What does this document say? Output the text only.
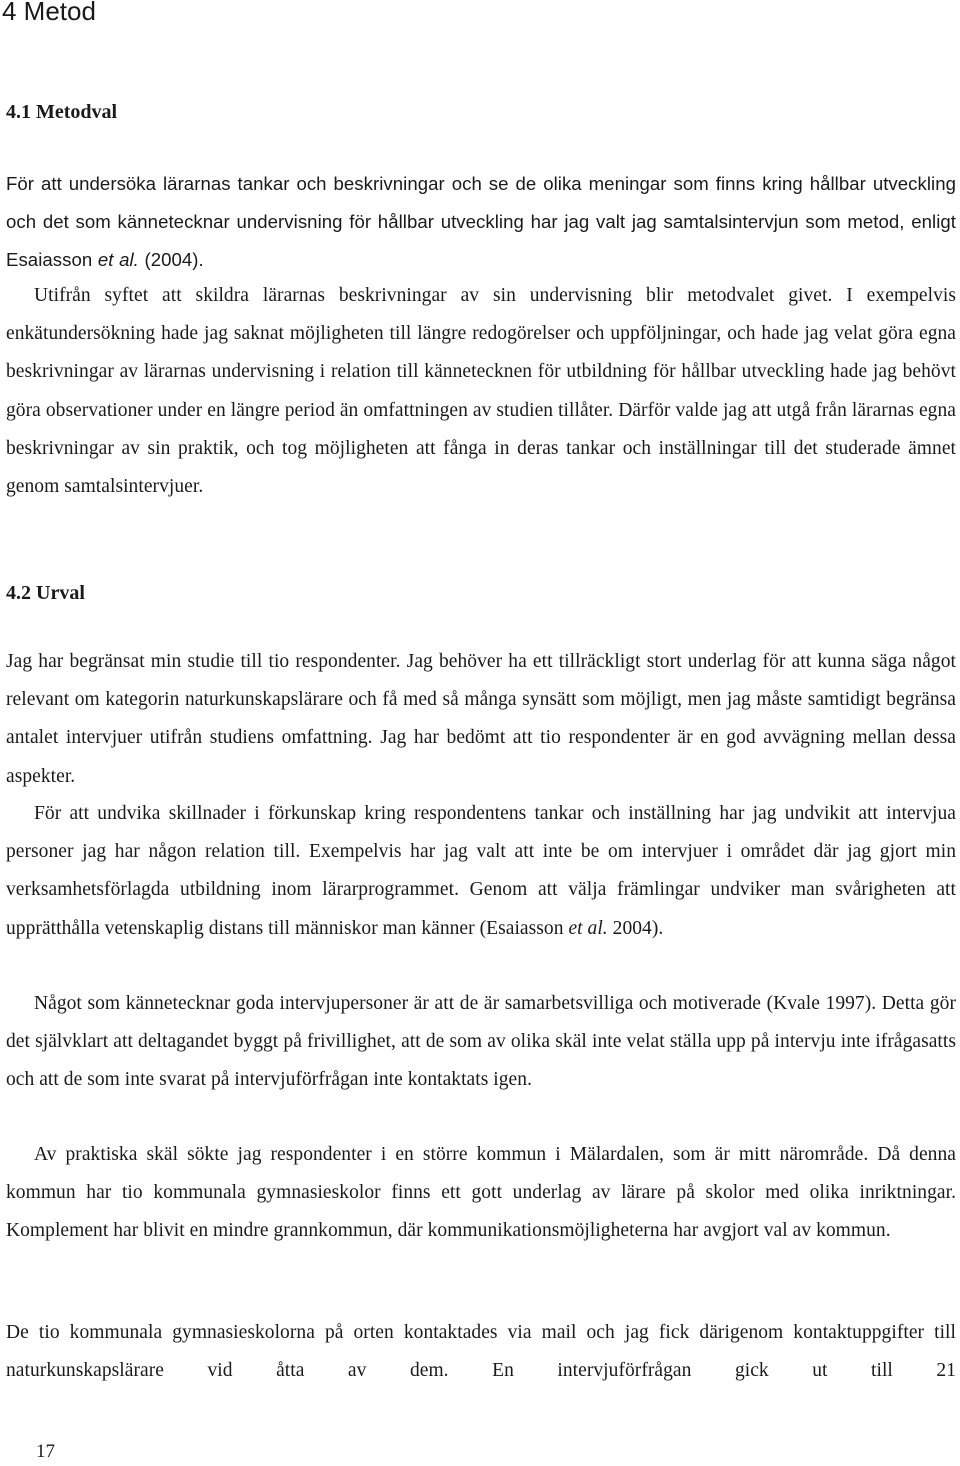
4 Metod
4.1 Metodval

För att undersöka lärarnas tankar och beskrivningar och se de olika meningar som finns kring hållbar utveckling och det som kännetecknar undervisning för hållbar utveckling har jag valt jag samtalsintervjun som metod, enligt Esaiasson et al. (2004).

Utifrån syftet att skildra lärarnas beskrivningar av sin undervisning blir metodvalet givet. I exempelvis enkätundersökning hade jag saknat möjligheten till längre redogörelser och uppföljningar, och hade jag velat göra egna beskrivningar av lärarnas undervisning i relation till kännetecknen för utbildning för hållbar utveckling hade jag behövt göra observationer under en längre period än omfattningen av studien tillåter. Därför valde jag att utgå från lärarnas egna beskrivningar av sin praktik, och tog möjligheten att fånga in deras tankar och inställningar till det studerade ämnet genom samtalsintervjuer.

4.2 Urval

Jag har begränsat min studie till tio respondenter. Jag behöver ha ett tillräckligt stort underlag för att kunna säga något relevant om kategorin naturkunskapslärare och få med så många synsätt som möjligt, men jag måste samtidigt begränsa antalet intervjuer utifrån studiens omfattning. Jag har bedömt att tio respondenter är en god avvägning mellan dessa aspekter.

För att undvika skillnader i förkunskap kring respondentens tankar och inställning har jag undvikit att intervjua personer jag har någon relation till. Exempelvis har jag valt att inte be om intervjuer i området där jag gjort min verksamhetsförlagda utbildning inom lärarprogrammet. Genom att välja främlingar undviker man svårigheten att upprätthålla vetenskaplig distans till människor man känner (Esaiasson et al. 2004).

Något som kännetecknar goda intervjupersoner är att de är samarbetsvilliga och motiverade (Kvale 1997). Detta gör det självklart att deltagandet byggt på frivillighet, att de som av olika skäl inte velat ställa upp på intervju inte ifrågasatts och att de som inte svarat på intervjuförfrågan inte kontaktats igen.

Av praktiska skäl sökte jag respondenter i en större kommun i Mälardalen, som är mitt närområde. Då denna kommun har tio kommunala gymnasieskolor finns ett gott underlag av lärare på skolor med olika inriktningar. Komplement har blivit en mindre grannkommun, där kommunikationsmöjligheterna har avgjort val av kommun.

De tio kommunala gymnasieskolorna på orten kontaktades via mail och jag fick därigenom kontaktuppgifter till naturkunskapslärare vid åtta av dem. En intervjuförfrågan gick ut till 21

17
